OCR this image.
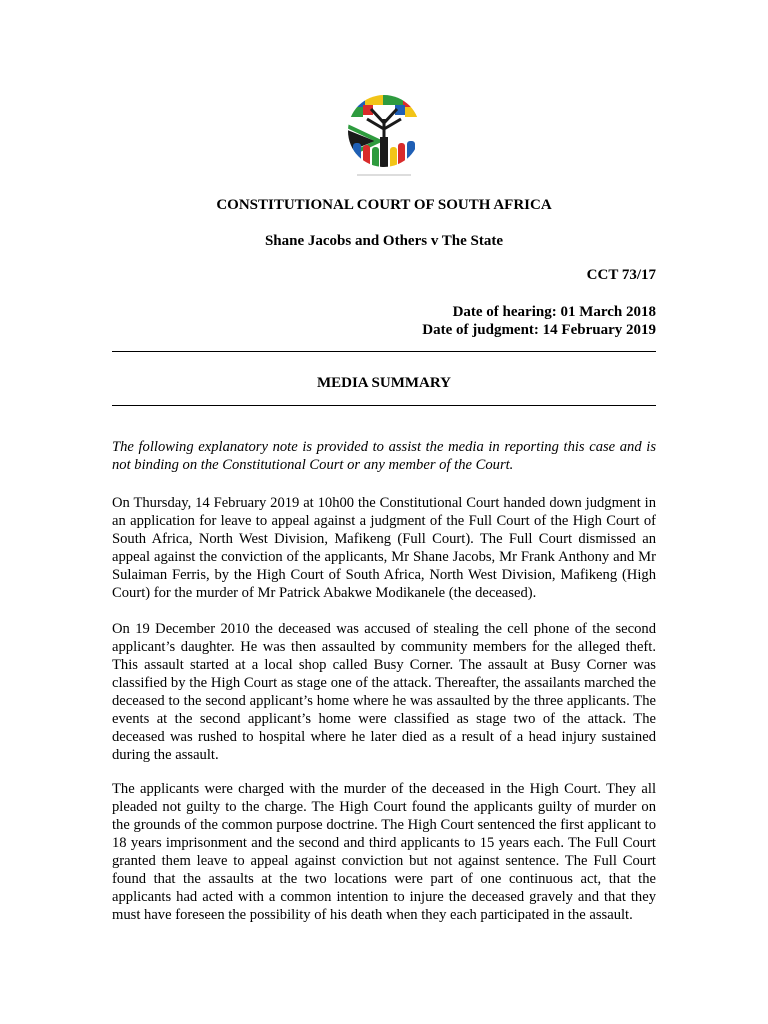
CONSTITUTIONAL COURT OF SOUTH AFRICA

Shane Jacobs and Others v The State

CCT 73/17

Date of hearing: 01 March 2018

Date of judgment: 14 February 2019

MEDIA SUMMARY

The following explanatory note is provided to assist the media in reporting this case and is not binding on the Constitutional Court or any member of the Court.

On Thursday, 14 February 2019 at 10h00 the Constitutional Court handed down judgment in an application for leave to appeal against a judgment of the Full Court of the High Court of South Africa, North West Division, Mafikeng (Full Court). The Full Court dismissed an appeal against the conviction of the applicants, Mr Shane Jacobs, Mr Frank Anthony and Mr Sulaiman Ferris, by the High Court of South Africa, North West Division, Mafikeng (High Court) for the murder of Mr Patrick Abakwe Modikanele (the deceased).

On 19 December 2010 the deceased was accused of stealing the cell phone of the second applicant’s daughter. He was then assaulted by community members for the alleged theft. This assault started at a local shop called Busy Corner. The assault at Busy Corner was classified by the High Court as stage one of the attack. Thereafter, the assailants marched the deceased to the second applicant’s home where he was assaulted by the three applicants. The events at the second applicant’s home were classified as stage two of the attack. The deceased was rushed to hospital where he later died as a result of a head injury sustained during the assault.

The applicants were charged with the murder of the deceased in the High Court. They all pleaded not guilty to the charge. The High Court found the applicants guilty of murder on the grounds of the common purpose doctrine. The High Court sentenced the first applicant to 18 years imprisonment and the second and third applicants to 15 years each. The Full Court granted them leave to appeal against conviction but not against sentence. The Full Court found that the assaults at the two locations were part of one continuous act, that the applicants had acted with a common intention to injure the deceased gravely and that they must have foreseen the possibility of his death when they each participated in the assault.
